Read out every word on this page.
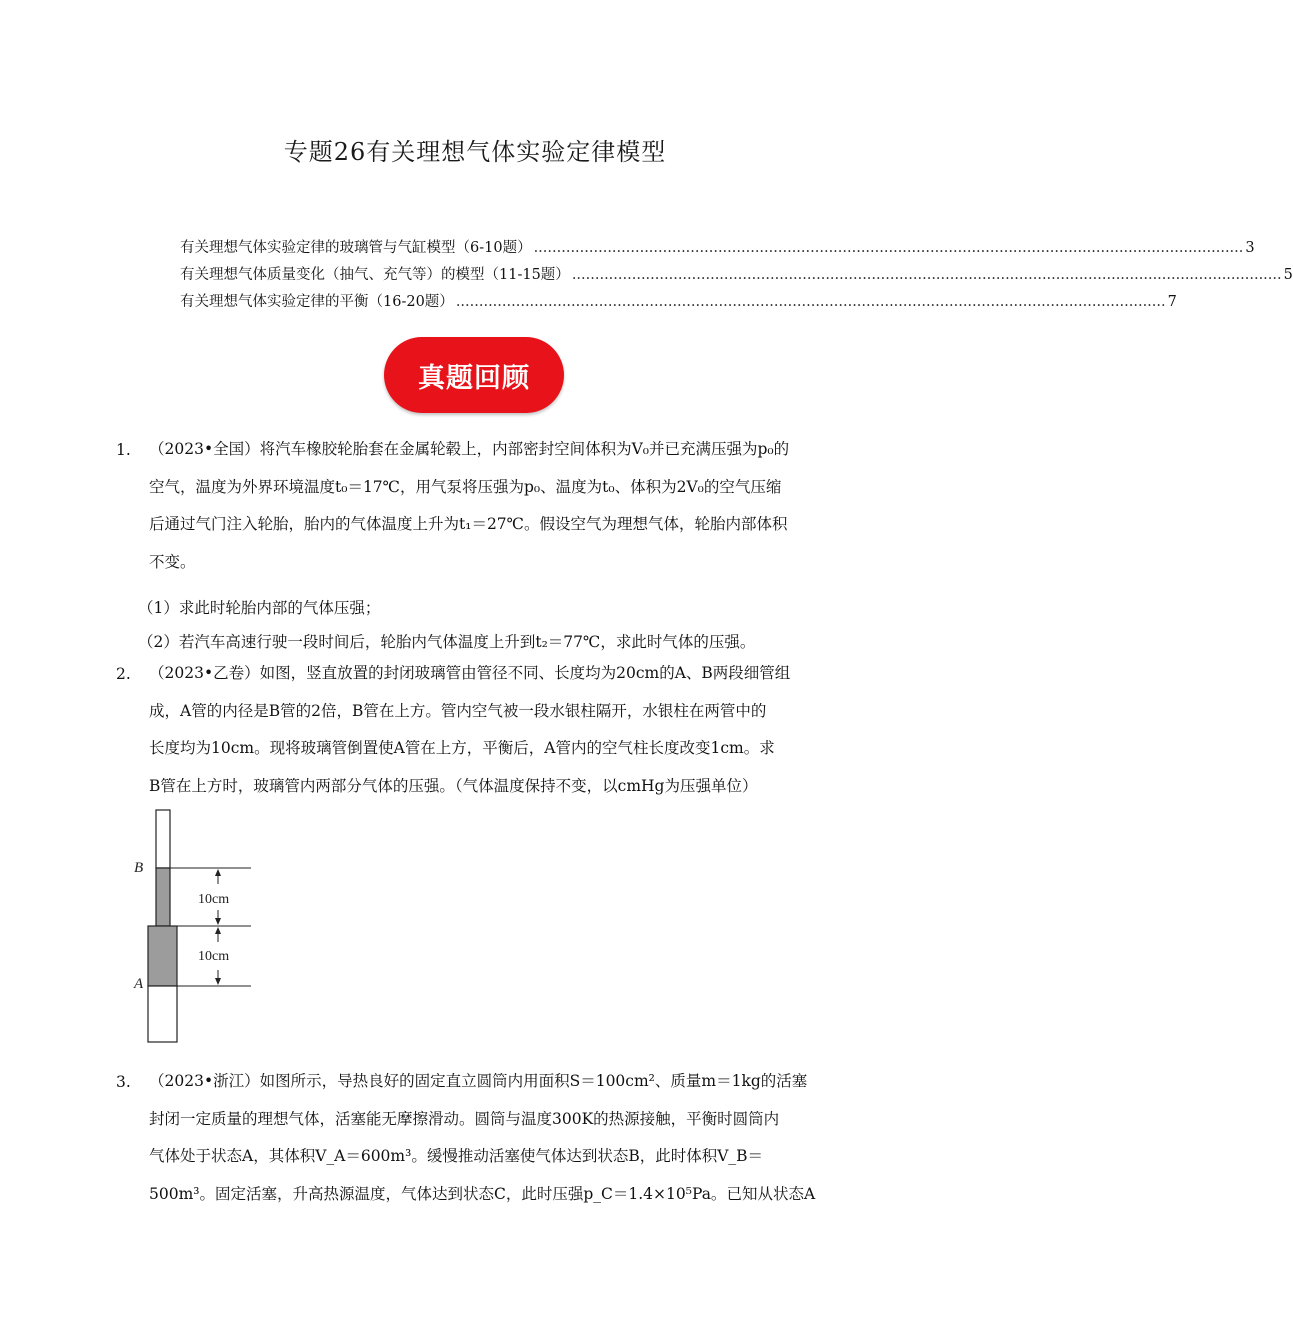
专题26有关理想气体实验定律模型
有关理想气体实验定律的玻璃管与气缸模型（6-10题） .......................................................................................................................................................... 3
有关理想气体质量变化（抽气、充气等）的模型（11-15题） .......................................................................................................................................................... 5
有关理想气体实验定律的平衡（16-20题） .......................................................................................................................................................... 7
真题回顾
1. （2023•全国）将汽车橡胶轮胎套在金属轮毂上，内部密封空间体积为V₀并已充满压强为p₀的

空气，温度为外界环境温度t₀＝17℃，用气泵将压强为p₀、温度为t₀、体积为2V₀的空气压缩

后通过气门注入轮胎，胎内的气体温度上升为t₁＝27℃。假设空气为理想气体，轮胎内部体积

不变。

（1）求此时轮胎内部的气体压强；
（2）若汽车高速行驶一段时间后，轮胎内气体温度上升到t₂＝77℃，求此时气体的压强。
2. （2023•乙卷）如图，竖直放置的封闭玻璃管由管径不同、长度均为20cm的A、B两段细管组

成，A管的内径是B管的2倍，B管在上方。管内空气被一段水银柱隔开，水银柱在两管中的

长度均为10cm。现将玻璃管倒置使A管在上方，平衡后，A管内的空气柱长度改变1cm。求

B管在上方时，玻璃管内两部分气体的压强。（气体温度保持不变，以cmHg为压强单位）

10cm
10cm
B
A
3. （2023•浙江）如图所示，导热良好的固定直立圆筒内用面积S＝100cm²、质量m＝1kg的活塞

封闭一定质量的理想气体，活塞能无摩擦滑动。圆筒与温度300K的热源接触，平衡时圆筒内

气体处于状态A，其体积V_A＝600m³。缓慢推动活塞使气体达到状态B，此时体积V_B＝

500m³。固定活塞，升高热源温度，气体达到状态C，此时压强p_C＝1.4×10⁵Pa。已知从状态A
